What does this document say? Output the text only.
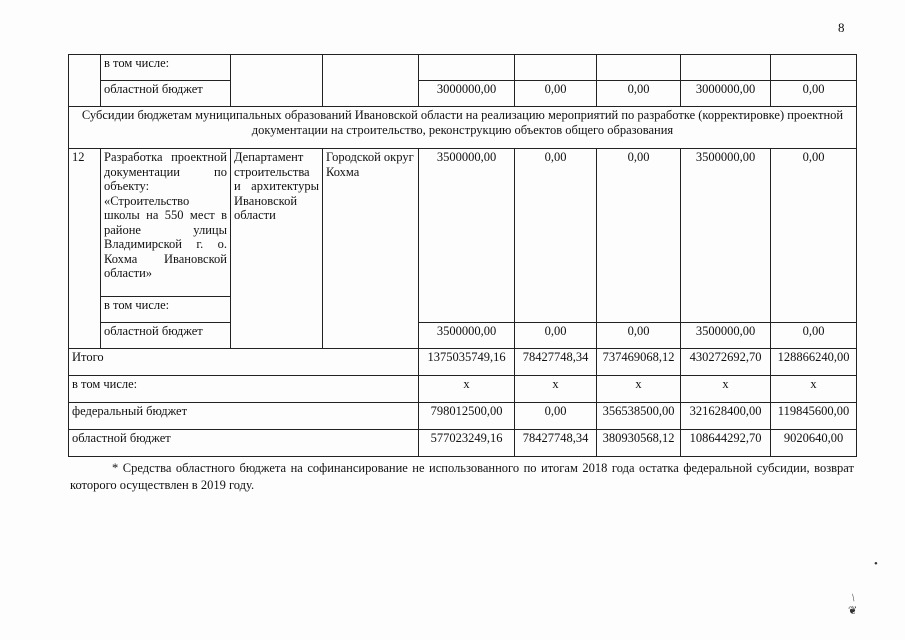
8
	в том числе:							
	областной бюджет			3000000,00	0,00	0,00	3000000,00	0,00
Субсидии бюджетам муниципальных образований Ивановской области на реализацию мероприятий по разработке (корректировке) проектной документации на строительство, реконструкцию объектов общего образования								
12	Разработка проектной документации по объекту: «Строительство школы на 550 мест в районе улицы Владимирской г. о. Кохма Ивановской области»	Департамент строительства и архитектуры Ивановской области	Городской округ Кохма	3500000,00	0,00	0,00	3500000,00	0,00
	в том числе:							
	областной бюджет			3500000,00	0,00	0,00	3500000,00	0,00
Итого				1375035749,16	78427748,34	737469068,12	430272692,70	128866240,00
в том числе:				x	x	x	x	x
федеральный бюджет				798012500,00	0,00	356538500,00	321628400,00	119845600,00
областной бюджет				577023249,16	78427748,34	380930568,12	108644292,70	9020640,00
* Средства областного бюджета на софинансирование не использованного по итогам 2018 года остатка федеральной субсидии, возврат которого осуществлен в 2019 году.
•
/
❦
